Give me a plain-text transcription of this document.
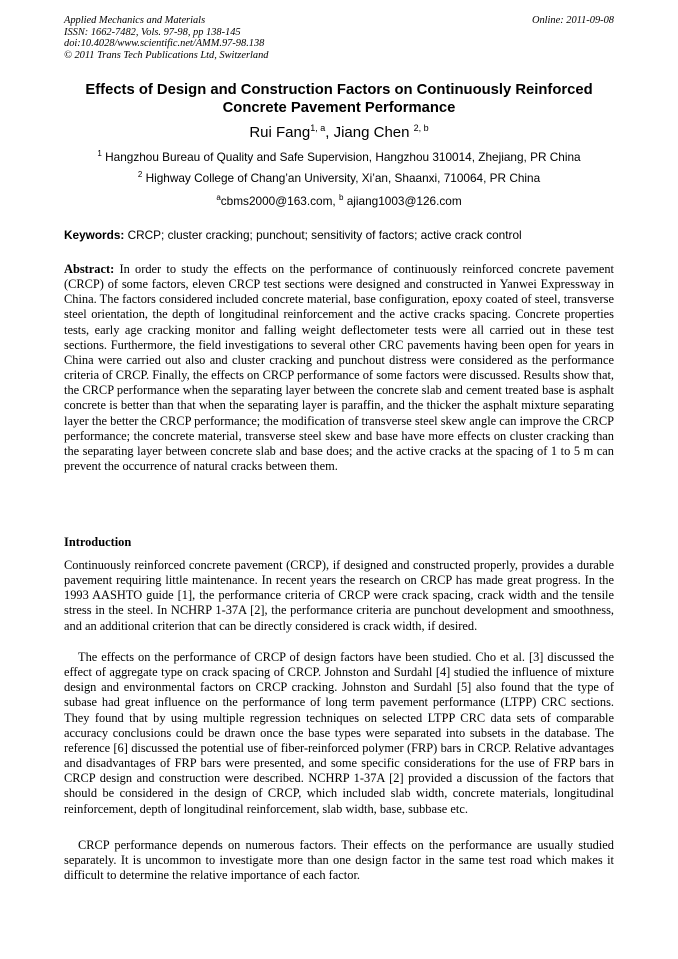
Applied Mechanics and Materials
ISSN: 1662-7482, Vols. 97-98, pp 138-145
doi:10.4028/www.scientific.net/AMM.97-98.138
© 2011 Trans Tech Publications Ltd, Switzerland
Online: 2011-09-08
Effects of Design and Construction Factors on Continuously Reinforced Concrete Pavement Performance
Rui Fang$^{1, a}$, Jiang Chen $^{2, b}$
$^1$ Hangzhou Bureau of Quality and Safe Supervision, Hangzhou 310014, Zhejiang, PR China
$^2$ Highway College of Chang’an University, Xi’an, Shaanxi, 710064, PR China
$^a$cbms2000@163.com, $^b$ ajiang1003@126.com
Keywords: CRCP; cluster cracking; punchout; sensitivity of factors; active crack control
Abstract: In order to study the effects on the performance of continuously reinforced concrete pavement (CRCP) of some factors, eleven CRCP test sections were designed and constructed in Yanwei Expressway in China. The factors considered included concrete material, base configuration, epoxy coated of steel, transverse steel orientation, the depth of longitudinal reinforcement and the active cracks spacing. Concrete properties tests, early age cracking monitor and falling weight deflectometer tests were all carried out in these test sections. Furthermore, the field investigations to several other CRC pavements having been open for years in China were carried out also and cluster cracking and punchout distress were considered as the performance criteria of CRCP. Finally, the effects on CRCP performance of some factors were discussed. Results show that, the CRCP performance when the separating layer between the concrete slab and cement treated base is asphalt concrete is better than that when the separating layer is paraffin, and the thicker the asphalt mixture separating layer the better the CRCP performance; the modification of transverse steel skew angle can improve the CRCP performance; the concrete material, transverse steel skew and base have more effects on cluster cracking than the separating layer between concrete slab and base does; and the active cracks at the spacing of 1 to 5 m can prevent the occurrence of natural cracks between them.
Introduction
Continuously reinforced concrete pavement (CRCP), if designed and constructed properly, provides a durable pavement requiring little maintenance. In recent years the research on CRCP has made great progress. In the 1993 AASHTO guide [1], the performance criteria of CRCP were crack spacing, crack width and the tensile stress in the steel. In NCHRP 1-37A [2], the performance criteria are punchout development and smoothness, and an additional criterion that can be directly considered is crack width, if desired.
The effects on the performance of CRCP of design factors have been studied. Cho et al. [3] discussed the effect of aggregate type on crack spacing of CRCP. Johnston and Surdahl [4] studied the influence of mixture design and environmental factors on CRCP cracking. Johnston and Surdahl [5] also found that the type of subase had great influence on the performance of long term pavement performance (LTPP) CRC sections. They found that by using multiple regression techniques on selected LTPP CRC data sets of comparable accuracy conclusions could be drawn once the base types were separated into subsets in the database. The reference [6] discussed the potential use of fiber-reinforced polymer (FRP) bars in CRCP. Relative advantages and disadvantages of FRP bars were presented, and some specific considerations for the use of FRP bars in CRCP design and construction were described. NCHRP 1-37A [2] provided a discussion of the factors that should be considered in the design of CRCP, which included slab width, concrete materials, longitudinal reinforcement, depth of longitudinal reinforcement, slab width, base, subbase etc.
CRCP performance depends on numerous factors. Their effects on the performance are usually studied separately. It is uncommon to investigate more than one design factor in the same test road which makes it difficult to determine the relative importance of each factor.
